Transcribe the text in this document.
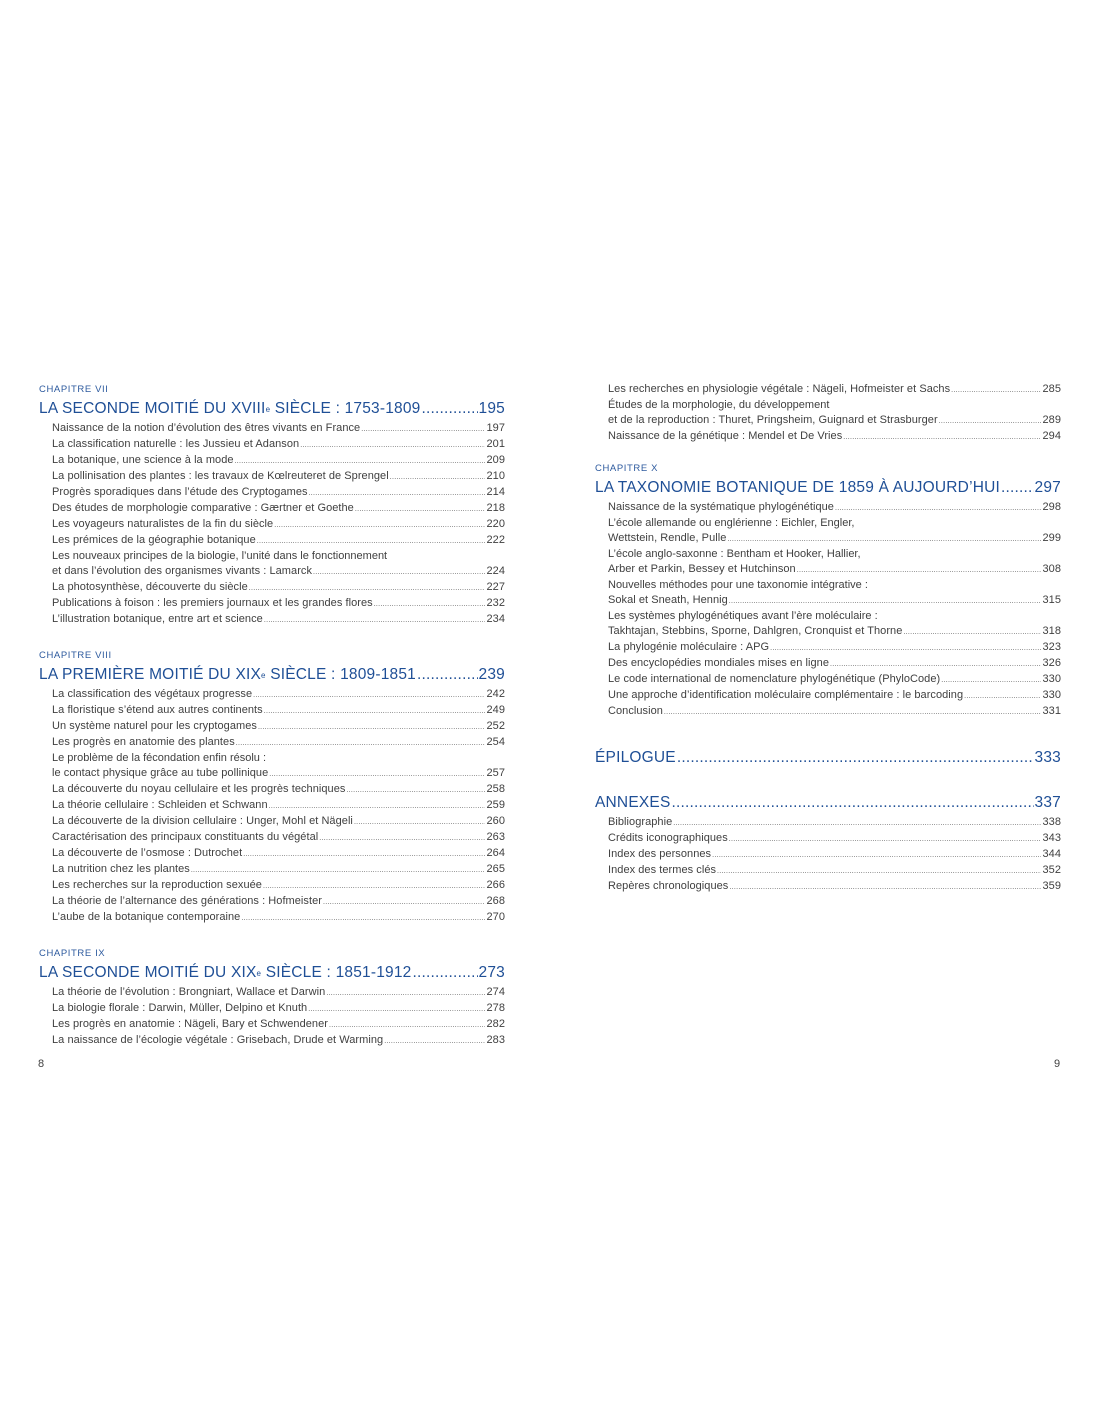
CHAPITRE VII
LA SECONDE MOITIÉ DU XVIIIe SIÈCLE : 1753-1809 .....	195
Naissance de la notion d’évolution des êtres vivants en France .....	197
La classification naturelle : les Jussieu et Adanson .....	201
La botanique, une science à la mode .....	209
La pollinisation des plantes : les travaux de Kœlreuteret de Sprengel .....	210
Progrès sporadiques dans l’étude des Cryptogames .....	214
Des études de morphologie comparative : Gærtner et Goethe .....	218
Les voyageurs naturalistes de la fin du siècle .....	220
Les prémices de la géographie botanique .....	222
Les nouveaux principes de la biologie, l’unité dans le fonctionnement
et dans l’évolution des organismes vivants : Lamarck .....	224
La photosynthèse, découverte du siècle .....	227
Publications à foison : les premiers journaux et les grandes flores .....	232
L’illustration botanique, entre art et science .....	234
CHAPITRE VIII
LA PREMIÈRE MOITIÉ DU XIXe SIÈCLE : 1809-1851 .....	239
La classification des végétaux progresse .....	242
La floristique s’étend aux autres continents .....	249
Un système naturel pour les cryptogames .....	252
Les progrès en anatomie des plantes .....	254
Le problème de la fécondation enfin résolu :
le contact physique grâce au tube pollinique .....	257
La découverte du noyau cellulaire et les progrès techniques .....	258
La théorie cellulaire : Schleiden et Schwann .....	259
La découverte de la division cellulaire : Unger, Mohl et Nägeli .....	260
Caractérisation des principaux constituants du végétal .....	263
La découverte de l’osmose : Dutrochet .....	264
La nutrition chez les plantes .....	265
Les recherches sur la reproduction sexuée .....	266
La théorie de l’alternance des générations : Hofmeister .....	268
L’aube de la botanique contemporaine .....	270
CHAPITRE IX
LA SECONDE MOITIÉ DU XIXe SIÈCLE : 1851-1912 .....	273
La théorie de l’évolution : Brongniart, Wallace et Darwin .....	274
La biologie florale : Darwin, Müller, Delpino et Knuth .....	278
Les progrès en anatomie : Nägeli, Bary et Schwendener .....	282
La naissance de l’écologie végétale : Grisebach, Drude et Warming .....	283
Les recherches en physiologie végétale : Nägeli, Hofmeister et Sachs .....	285
Études de la morphologie, du développement
et de la reproduction : Thuret, Pringsheim, Guignard et Strasburger .....	289
Naissance de la génétique : Mendel et De Vries .....	294
CHAPITRE X
LA TAXONOMIE BOTANIQUE DE 1859 À AUJOURD’HUI ..... 297
Naissance de la systématique phylogénétique .....	298
L’école allemande ou englérienne : Eichler, Engler,
Wettstein, Rendle, Pulle .....	299
L’école anglo-saxonne : Bentham et Hooker, Hallier,
Arber et Parkin, Bessey et Hutchinson .....	308
Nouvelles méthodes pour une taxonomie intégrative :
Sokal et Sneath, Hennig .....	315
Les systèmes phylogénétiques avant l’ère moléculaire :
Takhtajan, Stebbins, Sporne, Dahlgren, Cronquist et Thorne .....	318
La phylogénie moléculaire : APG .....	323
Des encyclopédies mondiales mises en ligne .....	326
Le code international de nomenclature phylogénétique (PhyloCode) .....	330
Une approche d’identification moléculaire complémentaire : le barcoding .....	330
Conclusion .....	331
ÉPILOGUE .....	333
ANNEXES .....	337
Bibliographie .....	338
Crédits iconographiques .....	343
Index des personnes .....	344
Index des termes clés .....	352
Repères chronologiques .....	359
8	9
